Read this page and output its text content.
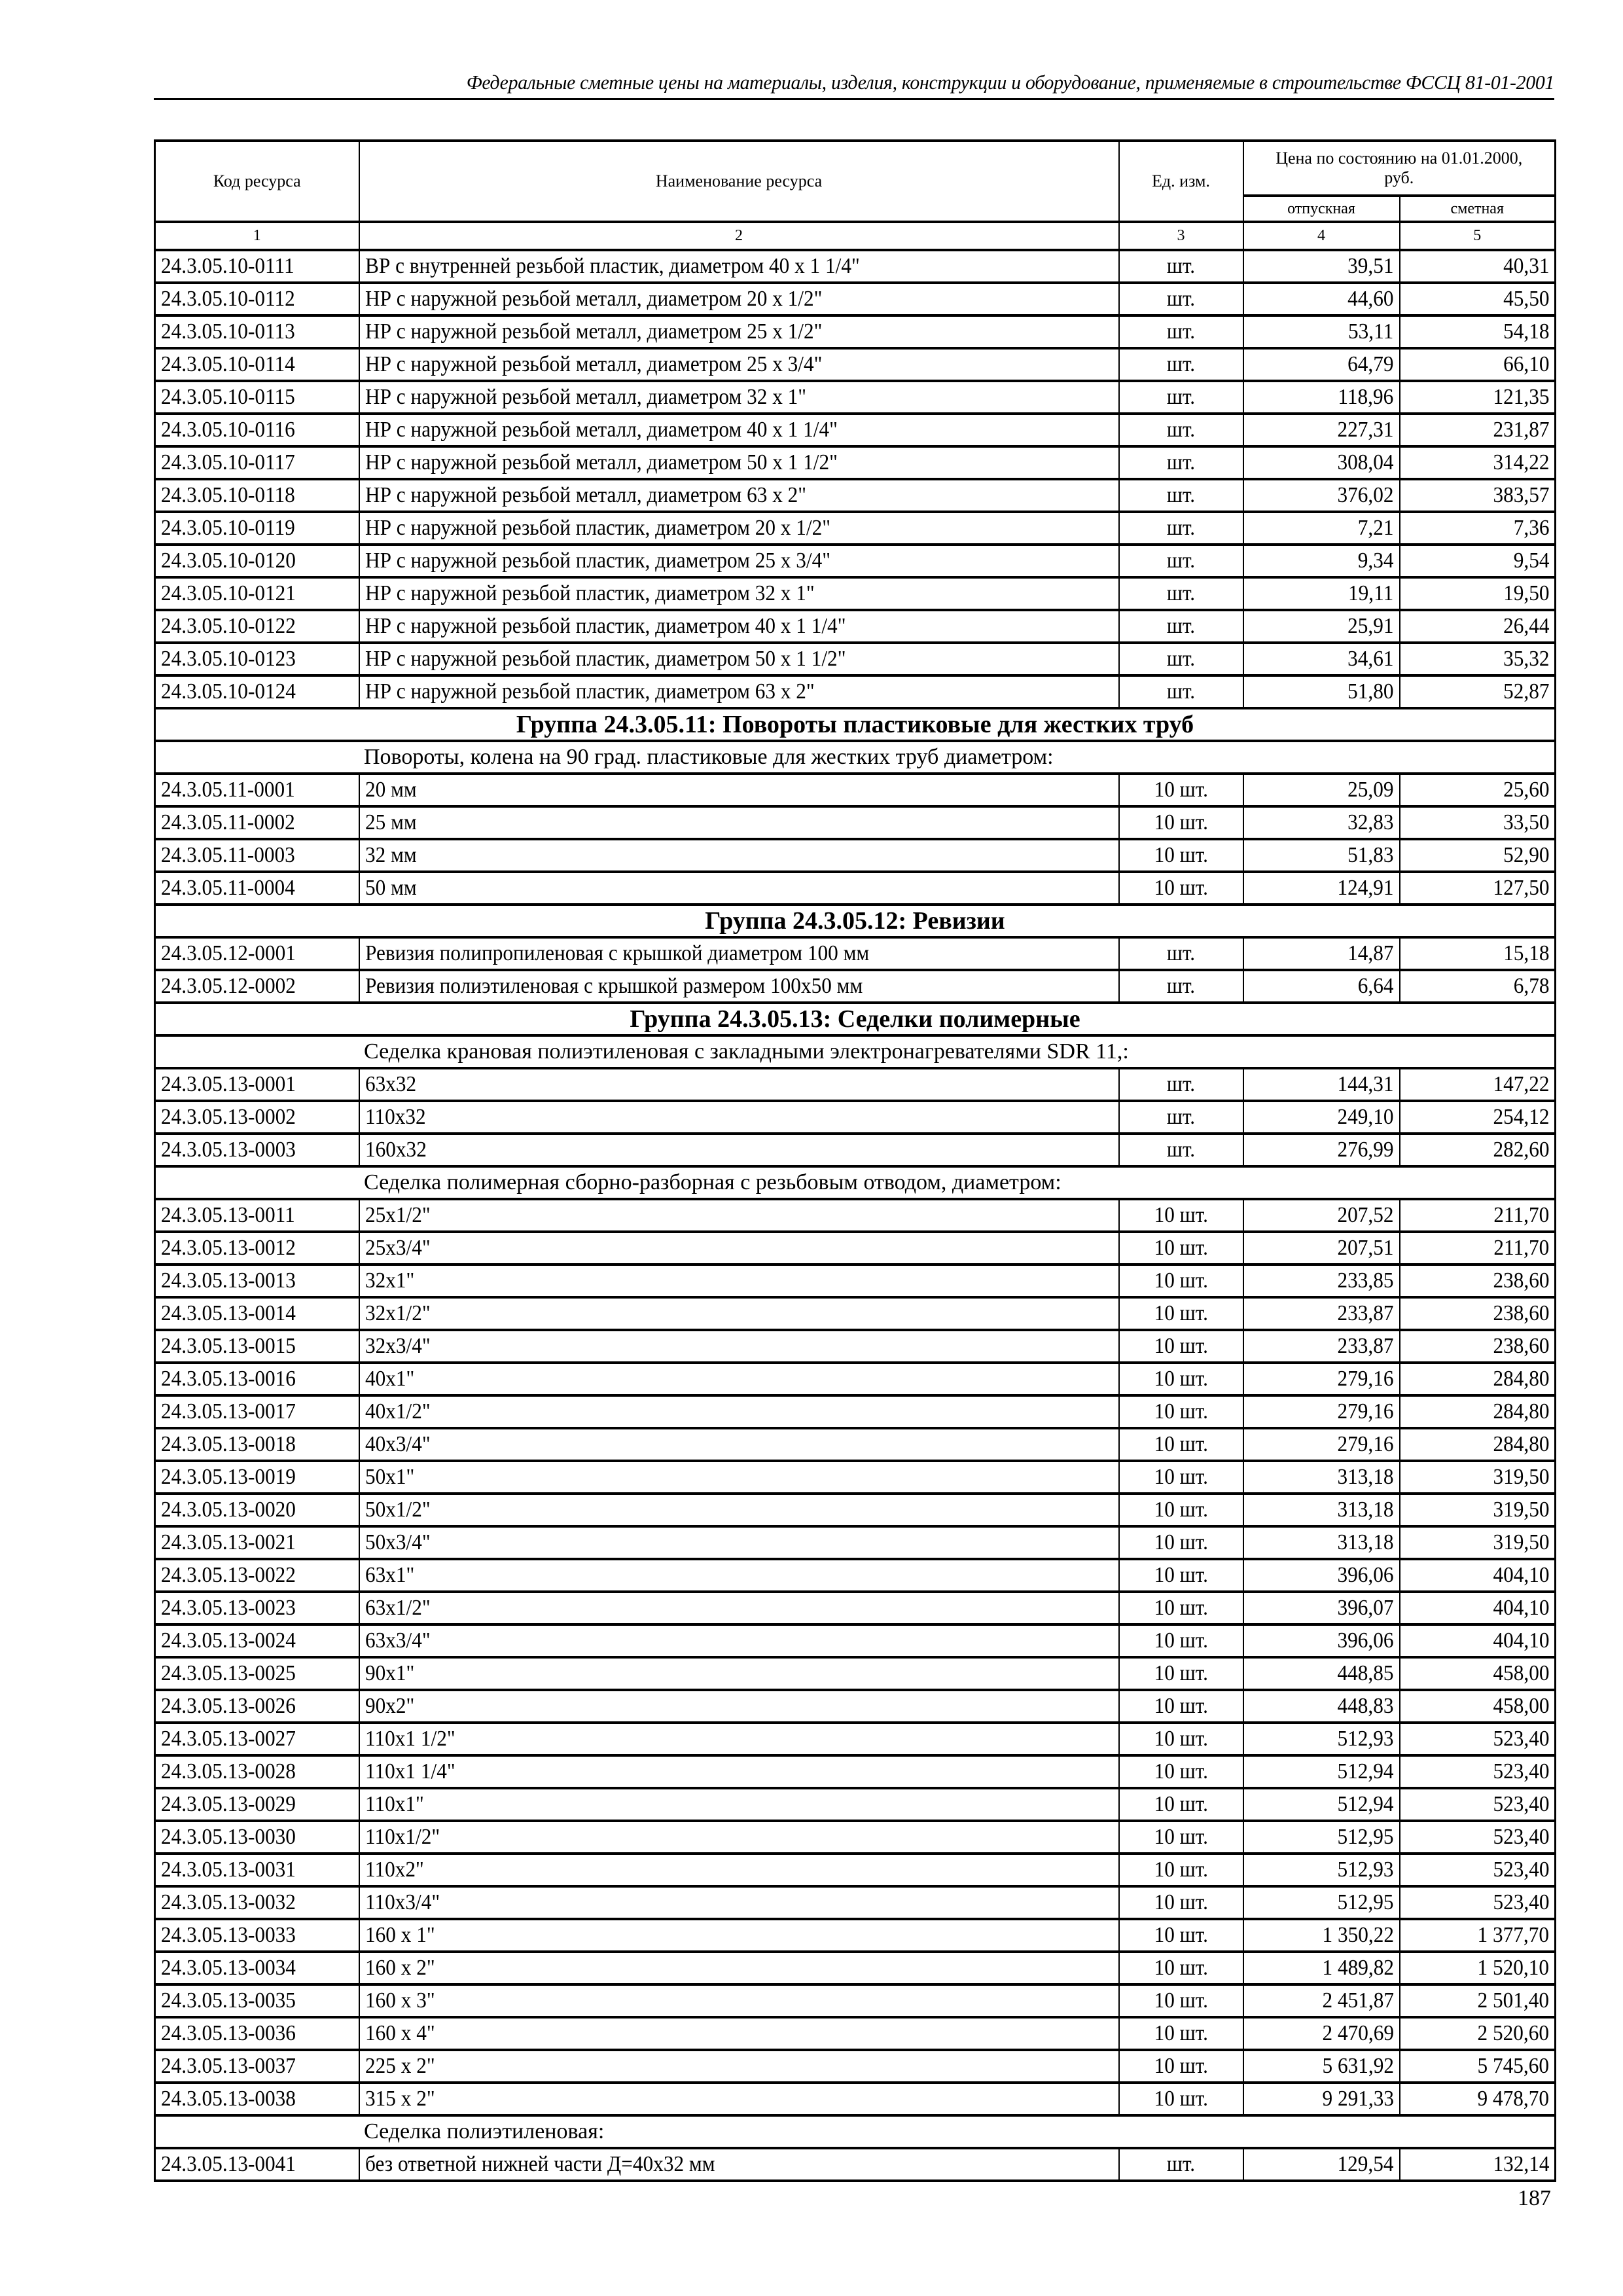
Федеральные сметные цены на материалы, изделия, конструкции и оборудование, применяемые в строительстве ФССЦ 81-01-2001
Код ресурса	Наименование ресурса	Ед. изм.	Цена по состоянию на 01.01.2000, руб.	
			отпускная	сметная
1	2	3	4	5
24.3.05.10-0111	ВР с внутренней резьбой пластик, диаметром 40 х 1 1/4"	шт.	39,51	40,31
24.3.05.10-0112	НР с наружной резьбой металл, диаметром 20 х 1/2"	шт.	44,60	45,50
24.3.05.10-0113	НР с наружной резьбой металл, диаметром 25 х 1/2"	шт.	53,11	54,18
24.3.05.10-0114	НР с наружной резьбой металл, диаметром 25 х 3/4"	шт.	64,79	66,10
24.3.05.10-0115	НР с наружной резьбой металл, диаметром 32 х 1"	шт.	118,96	121,35
24.3.05.10-0116	НР с наружной резьбой металл, диаметром 40 х 1 1/4"	шт.	227,31	231,87
24.3.05.10-0117	НР с наружной резьбой металл, диаметром 50 х 1 1/2"	шт.	308,04	314,22
24.3.05.10-0118	НР с наружной резьбой металл, диаметром 63 х 2"	шт.	376,02	383,57
24.3.05.10-0119	НР с наружной резьбой пластик, диаметром 20 х 1/2"	шт.	7,21	7,36
24.3.05.10-0120	НР с наружной резьбой пластик, диаметром 25 х 3/4"	шт.	9,34	9,54
24.3.05.10-0121	НР с наружной резьбой пластик, диаметром 32 х 1"	шт.	19,11	19,50
24.3.05.10-0122	НР с наружной резьбой пластик, диаметром 40 х 1 1/4"	шт.	25,91	26,44
24.3.05.10-0123	НР с наружной резьбой пластик, диаметром 50 х 1 1/2"	шт.	34,61	35,32
24.3.05.10-0124	НР с наружной резьбой пластик, диаметром 63 х 2"	шт.	51,80	52,87
Группа 24.3.05.11: Повороты пластиковые для жестких труб				
Повороты, колена на 90 град. пластиковые для жестких труб диаметром:				
24.3.05.11-0001	20 мм	10 шт.	25,09	25,60
24.3.05.11-0002	25 мм	10 шт.	32,83	33,50
24.3.05.11-0003	32 мм	10 шт.	51,83	52,90
24.3.05.11-0004	50 мм	10 шт.	124,91	127,50
Группа 24.3.05.12: Ревизии				
24.3.05.12-0001	Ревизия полипропиленовая с крышкой диаметром 100 мм	шт.	14,87	15,18
24.3.05.12-0002	Ревизия полиэтиленовая с крышкой размером 100х50 мм	шт.	6,64	6,78
Группа 24.3.05.13: Седелки полимерные				
Седелка крановая полиэтиленовая с закладными электронагревателями SDR 11,:				
24.3.05.13-0001	63х32	шт.	144,31	147,22
24.3.05.13-0002	110х32	шт.	249,10	254,12
24.3.05.13-0003	160х32	шт.	276,99	282,60
Седелка полимерная сборно-разборная с резьбовым отводом, диаметром:				
24.3.05.13-0011	25х1/2"	10 шт.	207,52	211,70
24.3.05.13-0012	25х3/4"	10 шт.	207,51	211,70
24.3.05.13-0013	32х1"	10 шт.	233,85	238,60
24.3.05.13-0014	32х1/2"	10 шт.	233,87	238,60
24.3.05.13-0015	32х3/4"	10 шт.	233,87	238,60
24.3.05.13-0016	40х1"	10 шт.	279,16	284,80
24.3.05.13-0017	40х1/2"	10 шт.	279,16	284,80
24.3.05.13-0018	40х3/4"	10 шт.	279,16	284,80
24.3.05.13-0019	50х1"	10 шт.	313,18	319,50
24.3.05.13-0020	50х1/2"	10 шт.	313,18	319,50
24.3.05.13-0021	50х3/4"	10 шт.	313,18	319,50
24.3.05.13-0022	63х1"	10 шт.	396,06	404,10
24.3.05.13-0023	63х1/2"	10 шт.	396,07	404,10
24.3.05.13-0024	63х3/4"	10 шт.	396,06	404,10
24.3.05.13-0025	90х1"	10 шт.	448,85	458,00
24.3.05.13-0026	90х2"	10 шт.	448,83	458,00
24.3.05.13-0027	110х1 1/2"	10 шт.	512,93	523,40
24.3.05.13-0028	110х1 1/4"	10 шт.	512,94	523,40
24.3.05.13-0029	110х1"	10 шт.	512,94	523,40
24.3.05.13-0030	110х1/2"	10 шт.	512,95	523,40
24.3.05.13-0031	110х2"	10 шт.	512,93	523,40
24.3.05.13-0032	110х3/4"	10 шт.	512,95	523,40
24.3.05.13-0033	160 х 1"	10 шт.	1 350,22	1 377,70
24.3.05.13-0034	160 х 2"	10 шт.	1 489,82	1 520,10
24.3.05.13-0035	160 х 3"	10 шт.	2 451,87	2 501,40
24.3.05.13-0036	160 х 4"	10 шт.	2 470,69	2 520,60
24.3.05.13-0037	225 х 2"	10 шт.	5 631,92	5 745,60
24.3.05.13-0038	315 х 2"	10 шт.	9 291,33	9 478,70
Седелка полиэтиленовая:				
24.3.05.13-0041	без ответной нижней части Д=40х32 мм	шт.	129,54	132,14
187
